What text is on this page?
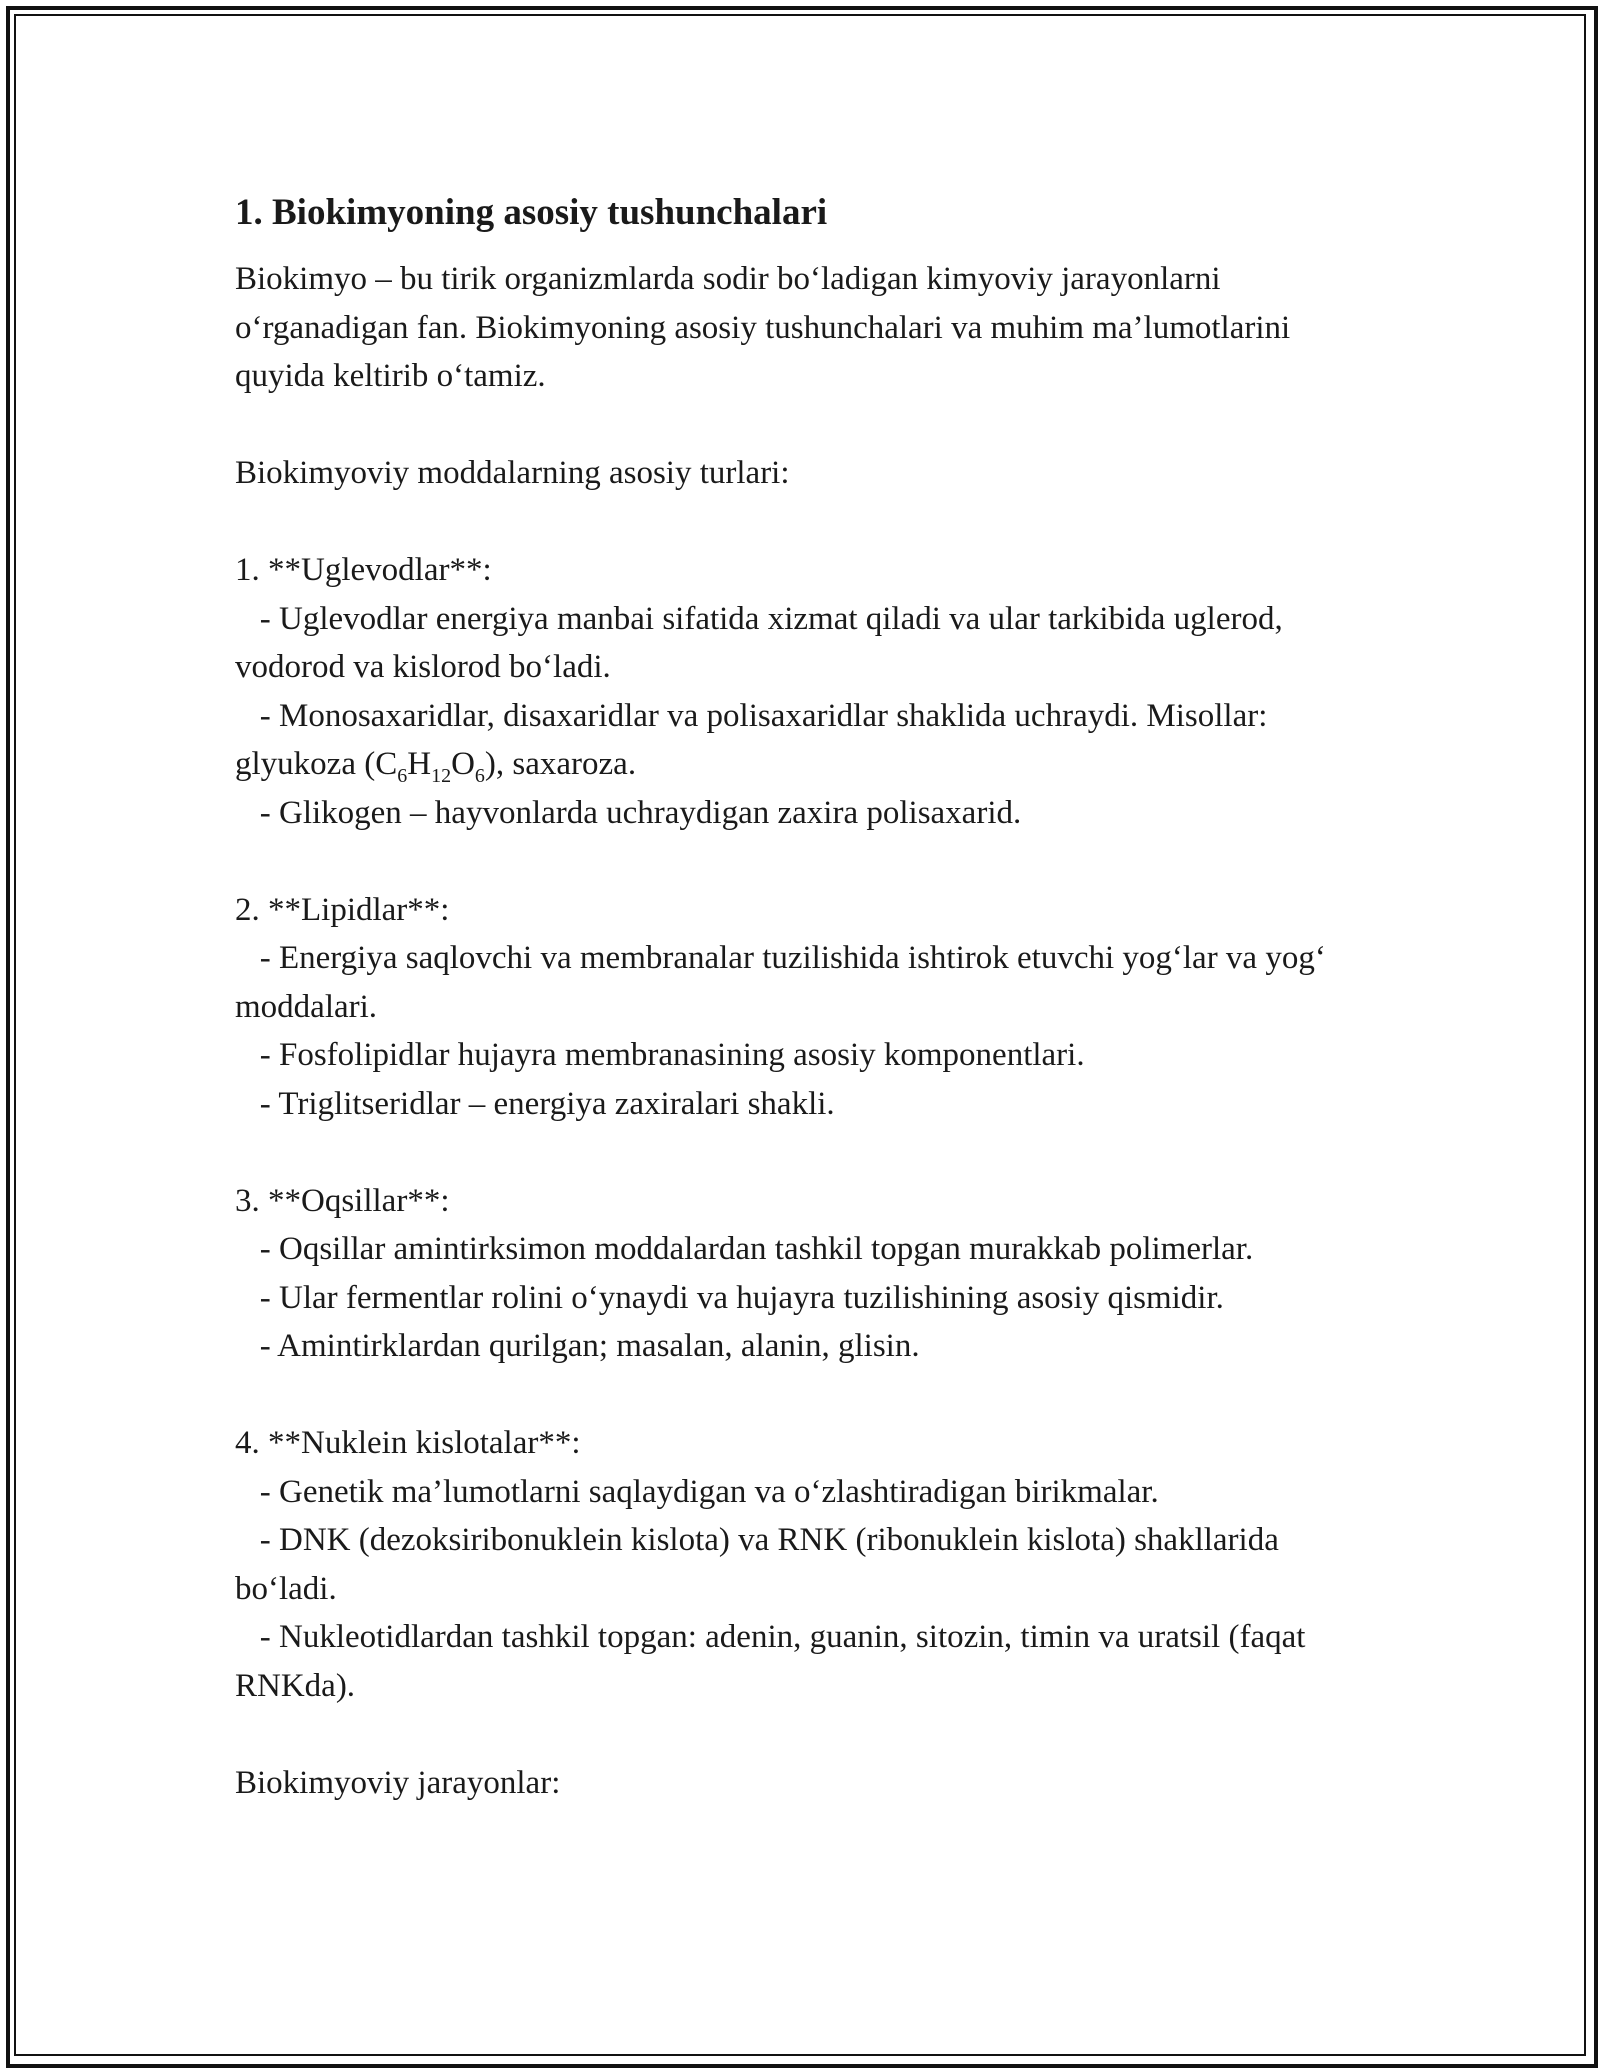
1. Biokimyoning asosiy tushunchalari

Biokimyo – bu tirik organizmlarda sodir bo‘ladigan kimyoviy jarayonlarni o‘rganadigan fan. Biokimyoning asosiy tushunchalari va muhim ma’lumotlarini quyida keltirib o‘tamiz.

Biokimyoviy moddalarning asosiy turlari:

1. **Uglevodlar**:
- Uglevodlar energiya manbai sifatida xizmat qiladi va ular tarkibida uglerod, vodorod va kislorod bo‘ladi.
- Monosaxaridlar, disaxaridlar va polisaxaridlar shaklida uchraydi. Misollar: glyukoza $(C_6H_{12}O_6)$, saxaroza.
- Glikogen – hayvonlarda uchraydigan zaxira polisaxarid.
2. **Lipidlar**:
- Energiya saqlovchi va membranalar tuzilishida ishtirok etuvchi yog‘lar va yog‘ moddalari.
- Fosfolipidlar hujayra membranasining asosiy komponentlari.
- Triglitseridlar – energiya zaxiralari shakli.
3. **Oqsillar**:
- Oqsillar amintirksimon moddalardan tashkil topgan murakkab polimerlar.
- Ular fermentlar rolini o‘ynaydi va hujayra tuzilishining asosiy qismidir.
- Amintirklardan qurilgan; masalan, alanin, glisin.
4. **Nuklein kislotalar**:
- Genetik ma’lumotlarni saqlaydigan va o‘zlashtiradigan birikmalar.
- DNK (dezoksiribonuklein kislota) va RNK (ribonuklein kislota) shakllarida bo‘ladi.
- Nukleotidlardan tashkil topgan: adenin, guanin, sitozin, timin va uratsil (faqat RNKda).

Biokimyoviy jarayonlar:
